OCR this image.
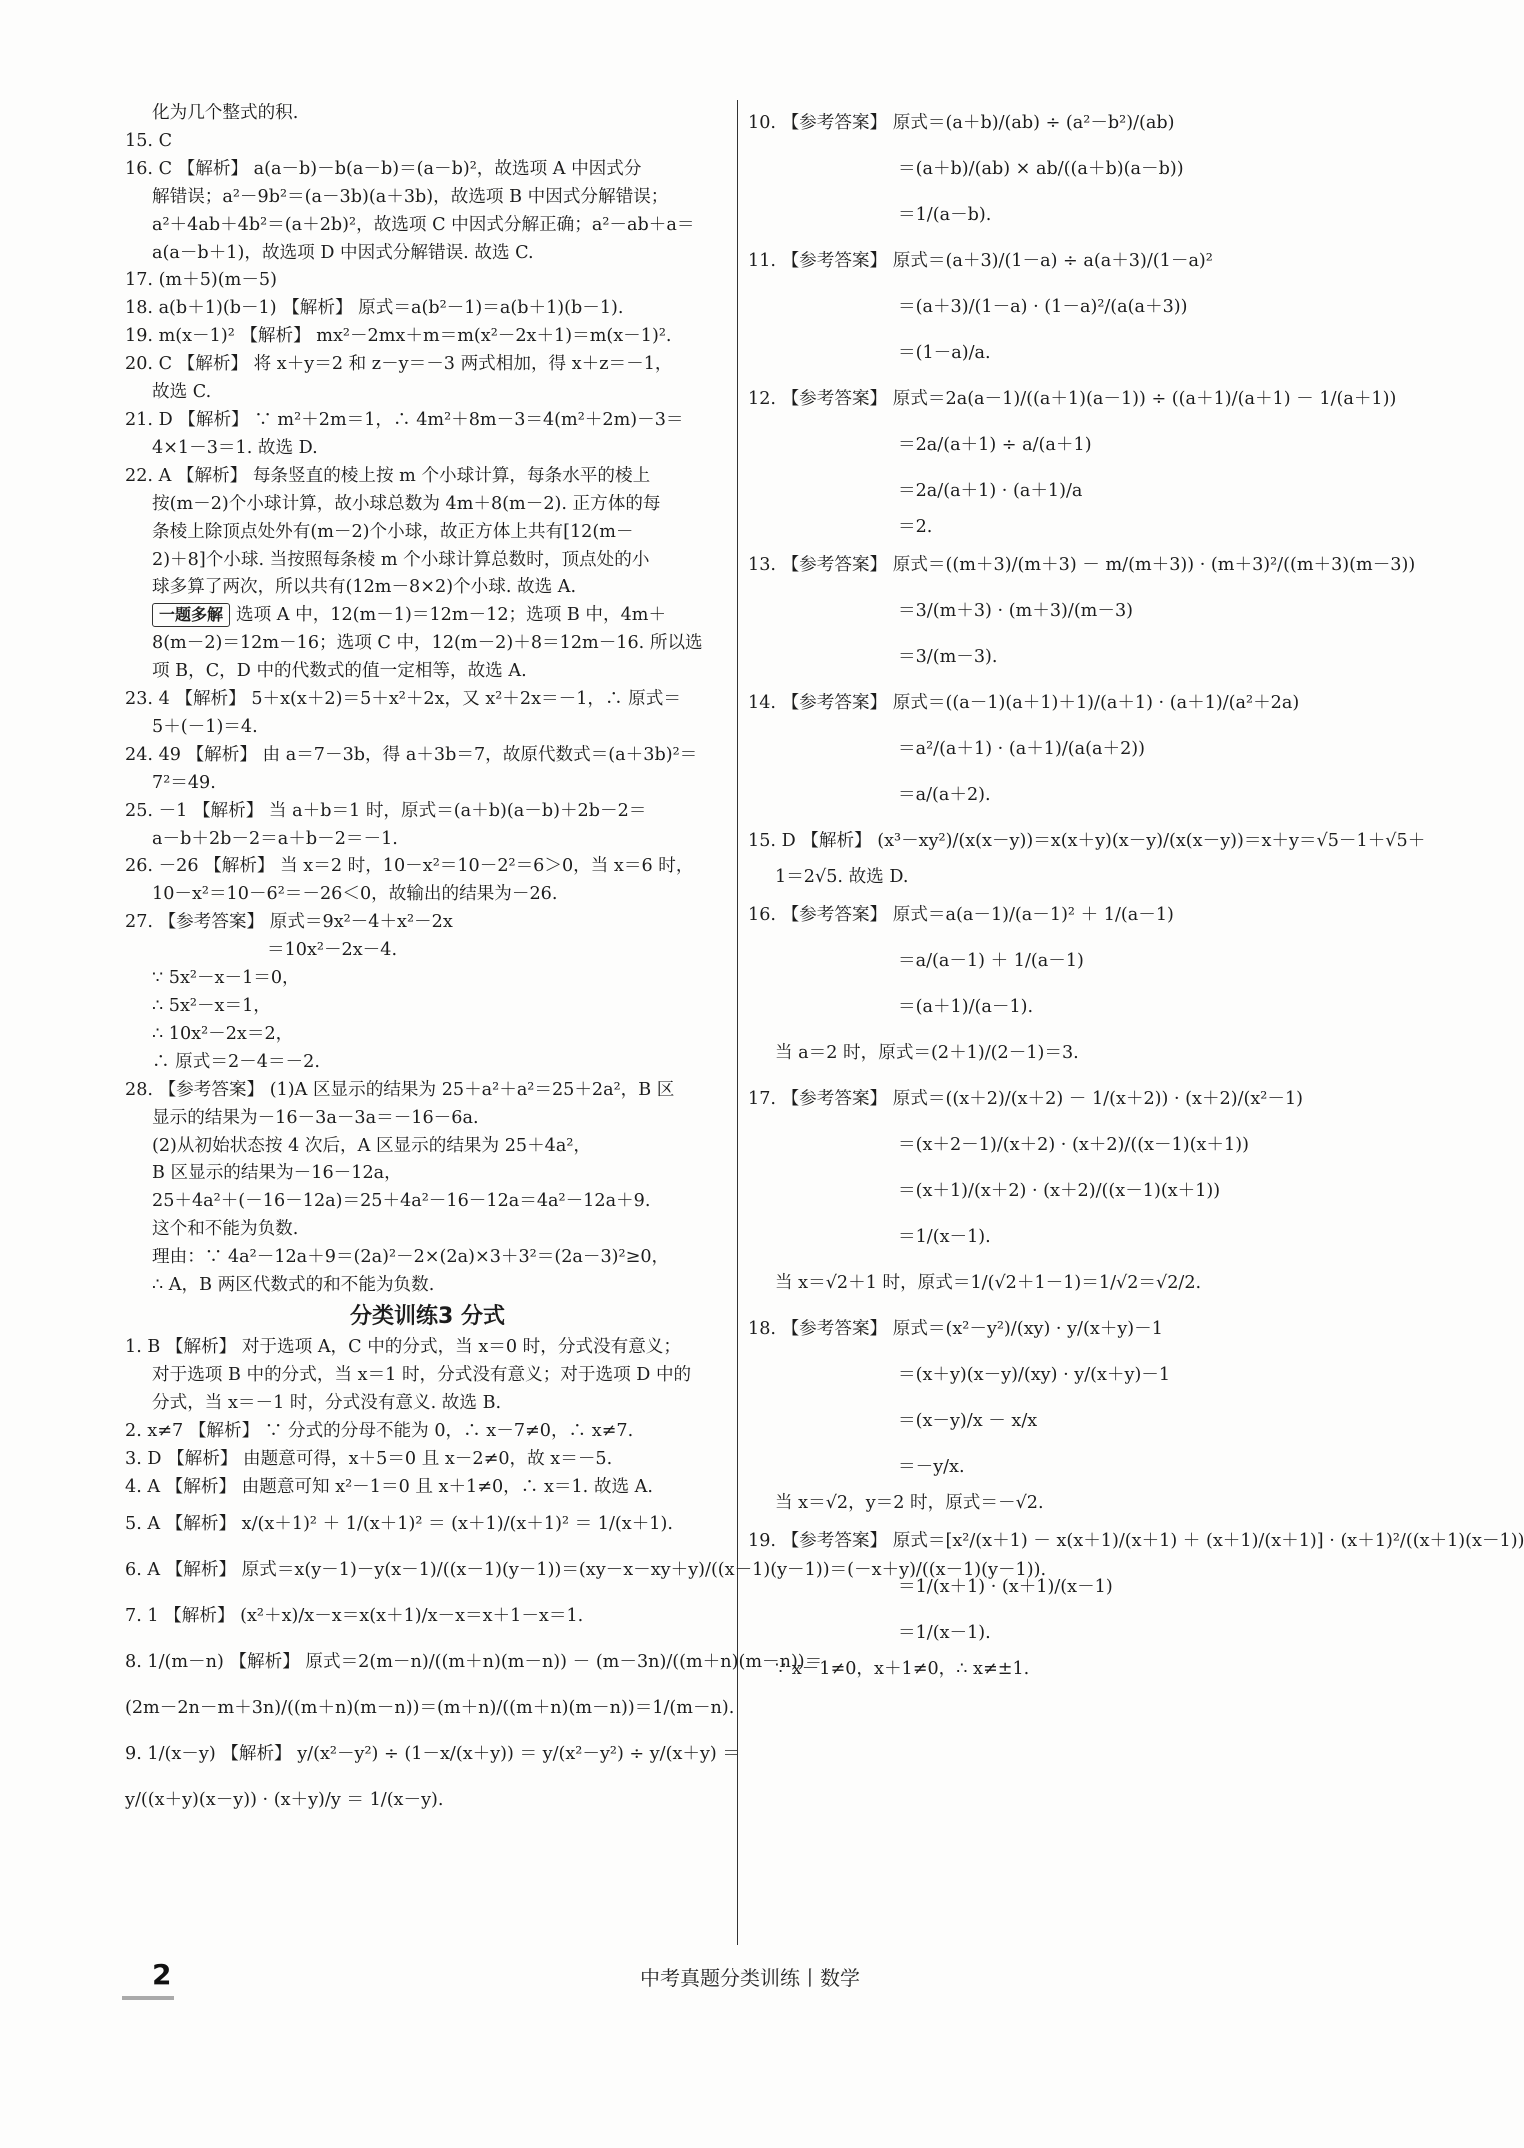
化为几个整式的积.
15. C
16. C 【解析】 a(a－b)－b(a－b)＝(a－b)²，故选项 A 中因式分
解错误；a²－9b²＝(a－3b)(a＋3b)，故选项 B 中因式分解错误；
a²＋4ab＋4b²＝(a＋2b)²，故选项 C 中因式分解正确；a²－ab＋a＝
a(a－b＋1)，故选项 D 中因式分解错误. 故选 C.
17. (m＋5)(m－5)
18. a(b＋1)(b－1) 【解析】 原式＝a(b²－1)＝a(b＋1)(b－1).
19. m(x－1)² 【解析】 mx²－2mx＋m＝m(x²－2x＋1)＝m(x－1)².
20. C 【解析】 将 x＋y＝2 和 z－y＝－3 两式相加，得 x＋z＝－1，
故选 C.
21. D 【解析】 ∵ m²＋2m＝1，∴ 4m²＋8m－3＝4(m²＋2m)－3＝
4×1－3＝1. 故选 D.
22. A 【解析】 每条竖直的棱上按 m 个小球计算，每条水平的棱上
按(m－2)个小球计算，故小球总数为 4m＋8(m－2). 正方体的每
条棱上除顶点处外有(m－2)个小球，故正方体上共有[12(m－
2)＋8]个小球. 当按照每条棱 m 个小球计算总数时，顶点处的小
球多算了两次，所以共有(12m－8×2)个小球. 故选 A.
一题多解 选项 A 中，12(m－1)＝12m－12；选项 B 中，4m＋
8(m－2)＝12m－16；选项 C 中，12(m－2)＋8＝12m－16. 所以选
项 B，C，D 中的代数式的值一定相等，故选 A.
23. 4 【解析】 5＋x(x＋2)＝5＋x²＋2x，又 x²＋2x＝－1，∴ 原式＝
5＋(－1)＝4.
24. 49 【解析】 由 a＝7－3b，得 a＋3b＝7，故原代数式＝(a＋3b)²＝
7²＝49.
25. －1 【解析】 当 a＋b＝1 时，原式＝(a＋b)(a－b)＋2b－2＝
a－b＋2b－2＝a＋b－2＝－1.
26. －26 【解析】 当 x＝2 时，10－x²＝10－2²＝6＞0，当 x＝6 时，
10－x²＝10－6²＝－26＜0，故输出的结果为－26.
27. 【参考答案】 原式＝9x²－4＋x²－2x
＝10x²－2x－4.
∵ 5x²－x－1＝0，
∴ 5x²－x＝1，
∴ 10x²－2x＝2，
∴ 原式＝2－4＝－2.
28. 【参考答案】 (1)A 区显示的结果为 25＋a²＋a²＝25＋2a²，B 区
显示的结果为－16－3a－3a＝－16－6a.
(2)从初始状态按 4 次后，A 区显示的结果为 25＋4a²，
B 区显示的结果为－16－12a，
25＋4a²＋(－16－12a)＝25＋4a²－16－12a＝4a²－12a＋9.
这个和不能为负数.
理由：∵ 4a²－12a＋9＝(2a)²－2×(2a)×3＋3²＝(2a－3)²≥0，
∴ A，B 两区代数式的和不能为负数.
分类训练3 分式
1. B 【解析】 对于选项 A，C 中的分式，当 x＝0 时，分式没有意义；
对于选项 B 中的分式，当 x＝1 时，分式没有意义；对于选项 D 中的
分式，当 x＝－1 时，分式没有意义. 故选 B.
2. x≠7 【解析】 ∵ 分式的分母不能为 0，∴ x－7≠0，∴ x≠7.
3. D 【解析】 由题意可得，x＋5＝0 且 x－2≠0，故 x＝－5.
4. A 【解析】 由题意可知 x²－1＝0 且 x＋1≠0，∴ x＝1. 故选 A.
5. A 【解析】 x/(x＋1)² ＋ 1/(x＋1)² ＝ (x＋1)/(x＋1)² ＝ 1/(x＋1).
6. A 【解析】 原式＝x(y－1)－y(x－1)/((x－1)(y－1))＝(xy－x－xy＋y)/((x－1)(y－1))＝(－x＋y)/((x－1)(y－1)).
7. 1 【解析】 (x²＋x)/x－x＝x(x＋1)/x－x＝x＋1－x＝1.
8. 1/(m－n) 【解析】 原式＝2(m－n)/((m＋n)(m－n)) － (m－3n)/((m＋n)(m－n))＝
(2m－2n－m＋3n)/((m＋n)(m－n))＝(m＋n)/((m＋n)(m－n))＝1/(m－n).
9. 1/(x－y) 【解析】 y/(x²－y²) ÷ (1－x/(x＋y)) ＝ y/(x²－y²) ÷ y/(x＋y) ＝
y/((x＋y)(x－y)) · (x＋y)/y ＝ 1/(x－y).
10. 【参考答案】 原式＝(a＋b)/(ab) ÷ (a²－b²)/(ab)
＝(a＋b)/(ab) × ab/((a＋b)(a－b))
＝1/(a－b).
11. 【参考答案】 原式＝(a＋3)/(1－a) ÷ a(a＋3)/(1－a)²
＝(a＋3)/(1－a) · (1－a)²/(a(a＋3))
＝(1－a)/a.
12. 【参考答案】 原式＝2a(a－1)/((a＋1)(a－1)) ÷ ((a＋1)/(a＋1) － 1/(a＋1))
＝2a/(a＋1) ÷ a/(a＋1)
＝2a/(a＋1) · (a＋1)/a
＝2.
13. 【参考答案】 原式＝((m＋3)/(m＋3) － m/(m＋3)) · (m＋3)²/((m＋3)(m－3))
＝3/(m＋3) · (m＋3)/(m－3)
＝3/(m－3).
14. 【参考答案】 原式＝((a－1)(a＋1)＋1)/(a＋1) · (a＋1)/(a²＋2a)
＝a²/(a＋1) · (a＋1)/(a(a＋2))
＝a/(a＋2).
15. D 【解析】 (x³－xy²)/(x(x－y))＝x(x＋y)(x－y)/(x(x－y))＝x＋y＝√5－1＋√5＋
1＝2√5. 故选 D.
16. 【参考答案】 原式＝a(a－1)/(a－1)² ＋ 1/(a－1)
＝a/(a－1) ＋ 1/(a－1)
＝(a＋1)/(a－1).
当 a＝2 时，原式＝(2＋1)/(2－1)＝3.
17. 【参考答案】 原式＝((x＋2)/(x＋2) － 1/(x＋2)) · (x＋2)/(x²－1)
＝(x＋2－1)/(x＋2) · (x＋2)/((x－1)(x＋1))
＝(x＋1)/(x＋2) · (x＋2)/((x－1)(x＋1))
＝1/(x－1).
当 x＝√2＋1 时，原式＝1/(√2＋1－1)＝1/√2＝√2/2.
18. 【参考答案】 原式＝(x²－y²)/(xy) · y/(x＋y)－1
＝(x＋y)(x－y)/(xy) · y/(x＋y)－1
＝(x－y)/x － x/x
＝－y/x.
当 x＝√2，y＝2 时，原式＝－√2.
19. 【参考答案】 原式＝[x²/(x＋1) － x(x＋1)/(x＋1) ＋ (x＋1)/(x＋1)] · (x＋1)²/((x＋1)(x－1))
＝1/(x＋1) · (x＋1)/(x－1)
＝1/(x－1).
∵ x－1≠0，x＋1≠0，∴ x≠±1.
2	中考真题分类训练丨数学
